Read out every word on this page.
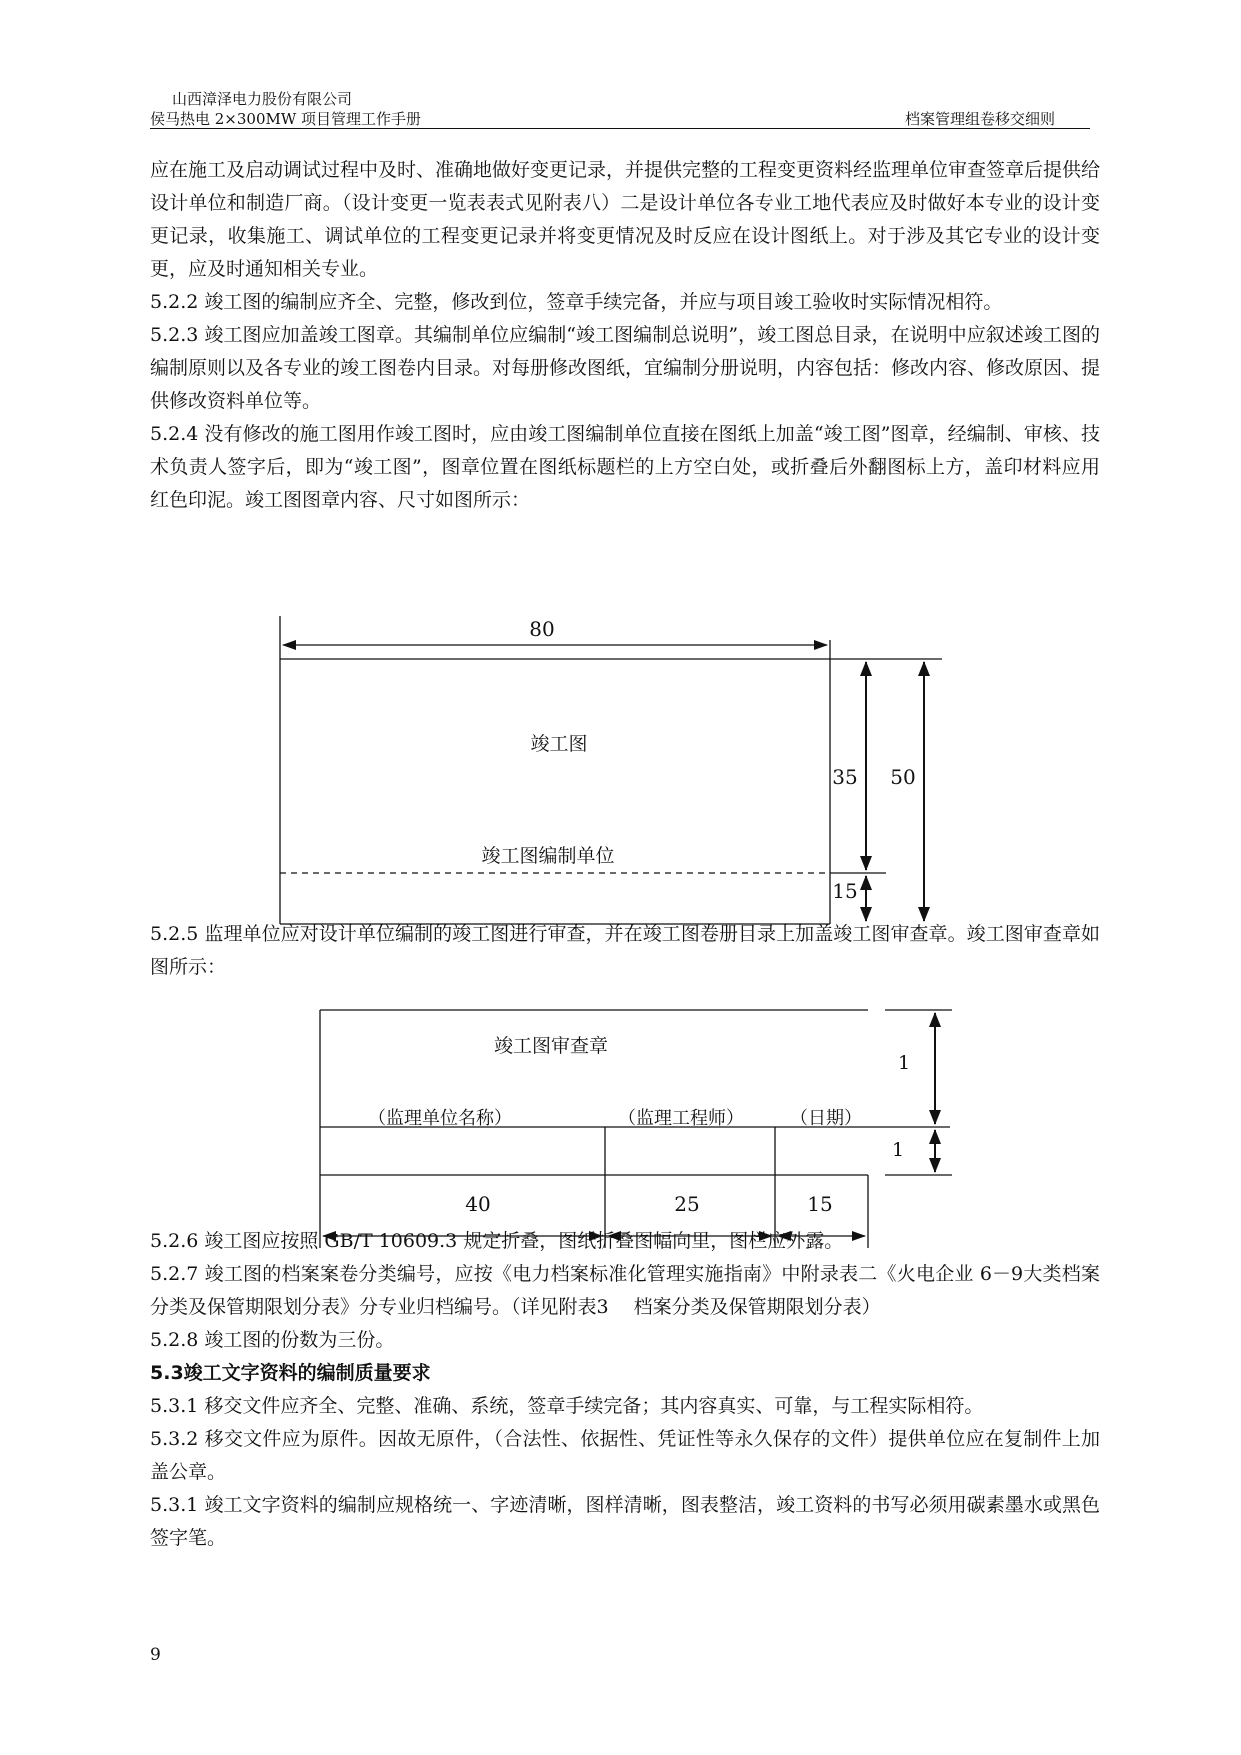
山西漳泽电力股份有限公司
侯马热电 2×300MW 项目管理工作手册	档案管理组卷移交细则

应在施工及启动调试过程中及时、准确地做好变更记录，并提供完整的工程变更资料经监理单位审查签章后提供给设计单位和制造厂商。（设计变更一览表表式见附表八）二是设计单位各专业工地代表应及时做好本专业的设计变更记录，收集施工、调试单位的工程变更记录并将变更情况及时反应在设计图纸上。对于涉及其它专业的设计变更，应及时通知相关专业。

5.2.2 竣工图的编制应齐全、完整，修改到位，签章手续完备，并应与项目竣工验收时实际情况相符。

5.2.3 竣工图应加盖竣工图章。其编制单位应编制“竣工图编制总说明”，竣工图总目录，在说明中应叙述竣工图的编制原则以及各专业的竣工图卷内目录。对每册修改图纸，宜编制分册说明，内容包括：修改内容、修改原因、提供修改资料单位等。

5.2.4 没有修改的施工图用作竣工图时，应由竣工图编制单位直接在图纸上加盖“竣工图”图章，经编制、审核、技术负责人签字后，即为“竣工图”，图章位置在图纸标题栏的上方空白处，或折叠后外翻图标上方，盖印材料应用红色印泥。竣工图图章内容、尺寸如图所示：

80
竣工图
竣工图编制单位
35 50
15
竣工图审查章
（监理单位名称）	（监理工程师）	（日期）
1
1
40	25	15

5.2.5 监理单位应对设计单位编制的竣工图进行审查，并在竣工图卷册目录上加盖竣工图审查章。竣工图审查章如图所示：

5.2.6 竣工图应按照 GB/T 10609.3 规定折叠，图纸折叠图幅向里，图栏应外露。

5.2.7 竣工图的档案案卷分类编号，应按《电力档案标准化管理实施指南》中附录表二《火电企业 6－9大类档案分类及保管期限划分表》分专业归档编号。（详见附表3　 档案分类及保管期限划分表）

5.2.8 竣工图的份数为三份。

5.3竣工文字资料的编制质量要求

5.3.1 移交文件应齐全、完整、准确、系统，签章手续完备；其内容真实、可靠，与工程实际相符。

5.3.2 移交文件应为原件。因故无原件，（合法性、依据性、凭证性等永久保存的文件）提供单位应在复制件上加盖公章。

5.3.1 竣工文字资料的编制应规格统一、字迹清晰，图样清晰，图表整洁，竣工资料的书写必须用碳素墨水或黑色签字笔。

9
